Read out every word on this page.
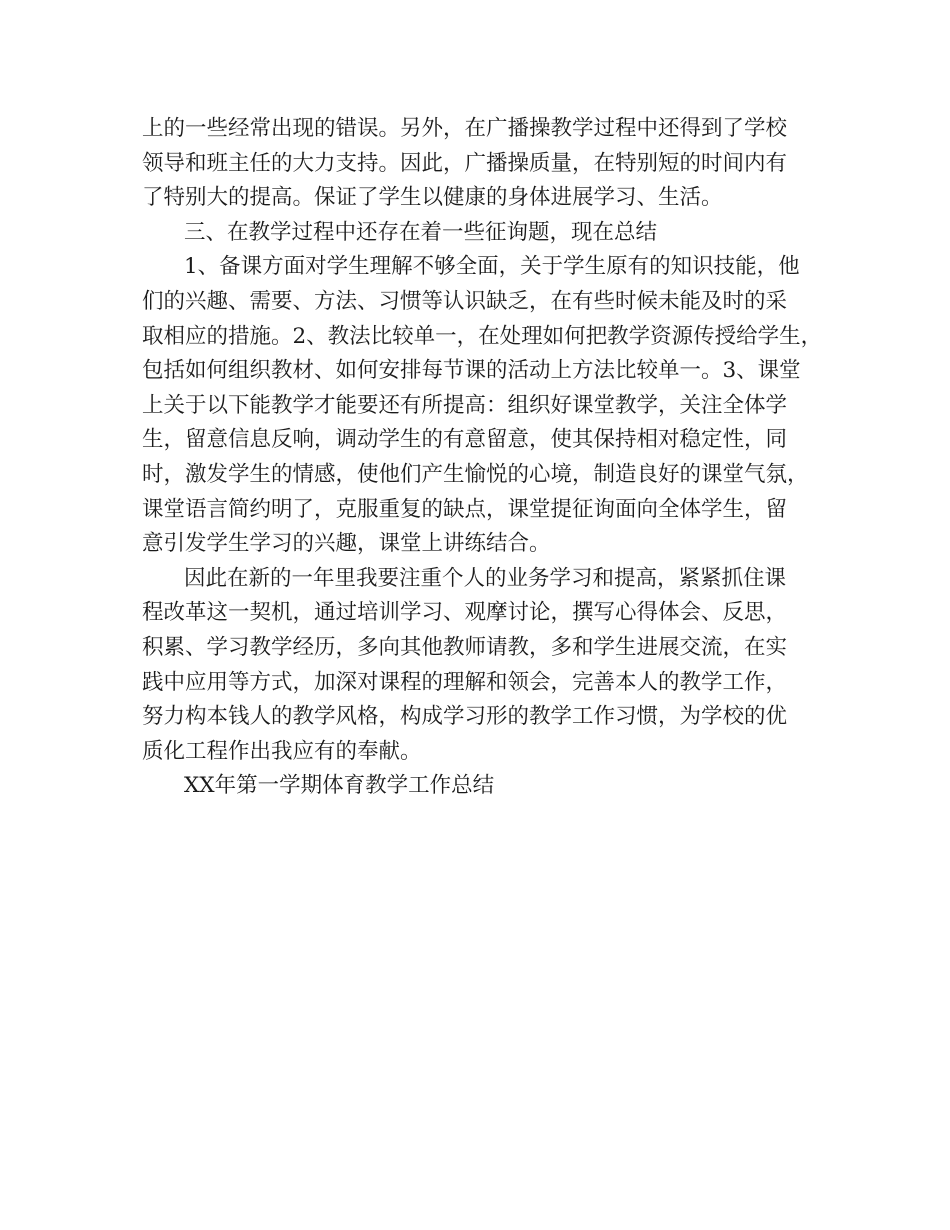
上的一些经常出现的错误。另外，在广播操教学过程中还得到了学校
领导和班主任的大力支持。因此，广播操质量，在特别短的时间内有
了特别大的提高。保证了学生以健康的身体进展学习、生活。
三、在教学过程中还存在着一些征询题，现在总结
1、备课方面对学生理解不够全面，关于学生原有的知识技能，他
们的兴趣、需要、方法、习惯等认识缺乏，在有些时候未能及时的采
取相应的措施。2、教法比较单一，在处理如何把教学资源传授给学生，
包括如何组织教材、如何安排每节课的活动上方法比较单一。3、课堂
上关于以下能教学才能要还有所提高：组织好课堂教学，关注全体学
生，留意信息反响，调动学生的有意留意，使其保持相对稳定性，同
时，激发学生的情感，使他们产生愉悦的心境，制造良好的课堂气氛，
课堂语言简约明了，克服重复的缺点，课堂提征询面向全体学生，留
意引发学生学习的兴趣，课堂上讲练结合。
因此在新的一年里我要注重个人的业务学习和提高，紧紧抓住课
程改革这一契机，通过培训学习、观摩讨论，撰写心得体会、反思，
积累、学习教学经历，多向其他教师请教，多和学生进展交流，在实
践中应用等方式，加深对课程的理解和领会，完善本人的教学工作，
努力构本钱人的教学风格，构成学习形的教学工作习惯，为学校的优
质化工程作出我应有的奉献。
XX年第一学期体育教学工作总结
